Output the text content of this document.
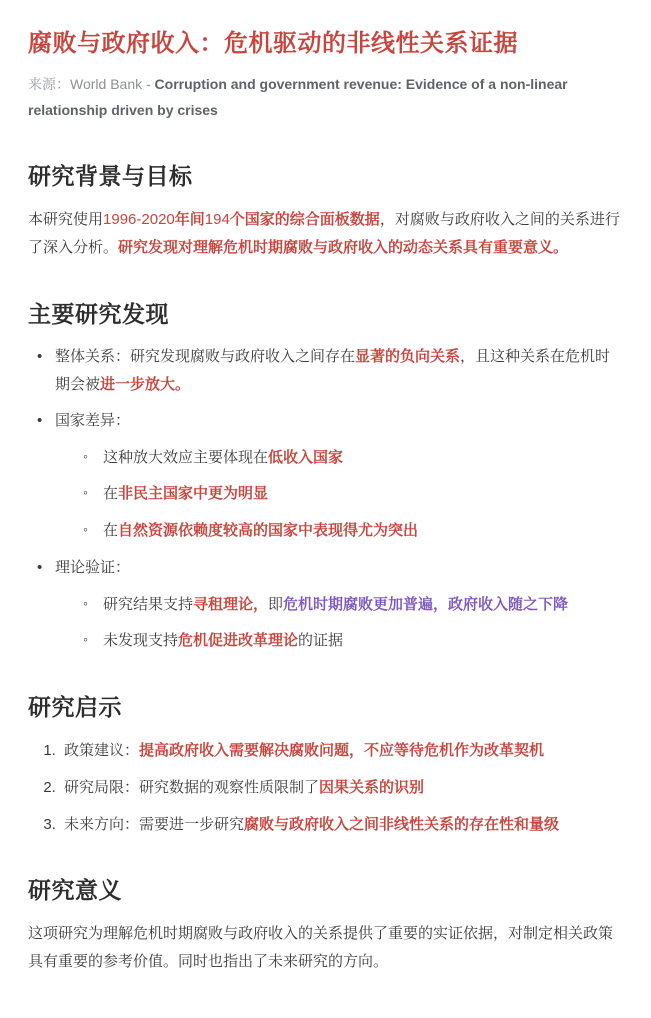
腐败与政府收入：危机驱动的非线性关系证据

来源：World Bank - Corruption and government revenue: Evidence of a non-linear relationship driven by crises

研究背景与目标

本研究使用1996-2020年间194个国家的综合面板数据，对腐败与政府收入之间的关系进行了深入分析。研究发现对理解危机时期腐败与政府收入的动态关系具有重要意义。

主要研究发现
• 整体关系：研究发现腐败与政府收入之间存在显著的负向关系，且这种关系在危机时期会被进一步放大。
• 国家差异：
◦ 这种放大效应主要体现在低收入国家
◦ 在非民主国家中更为明显
◦ 在自然资源依赖度较高的国家中表现得尤为突出
• 理论验证：
◦ 研究结果支持寻租理论，即危机时期腐败更加普遍，政府收入随之下降
◦ 未发现支持危机促进改革理论的证据
研究启示
1. 政策建议：提高政府收入需要解决腐败问题，不应等待危机作为改革契机
2. 研究局限：研究数据的观察性质限制了因果关系的识别
3. 未来方向：需要进一步研究腐败与政府收入之间非线性关系的存在性和量级
研究意义

这项研究为理解危机时期腐败与政府收入的关系提供了重要的实证依据，对制定相关政策具有重要的参考价值。同时也指出了未来研究的方向。
